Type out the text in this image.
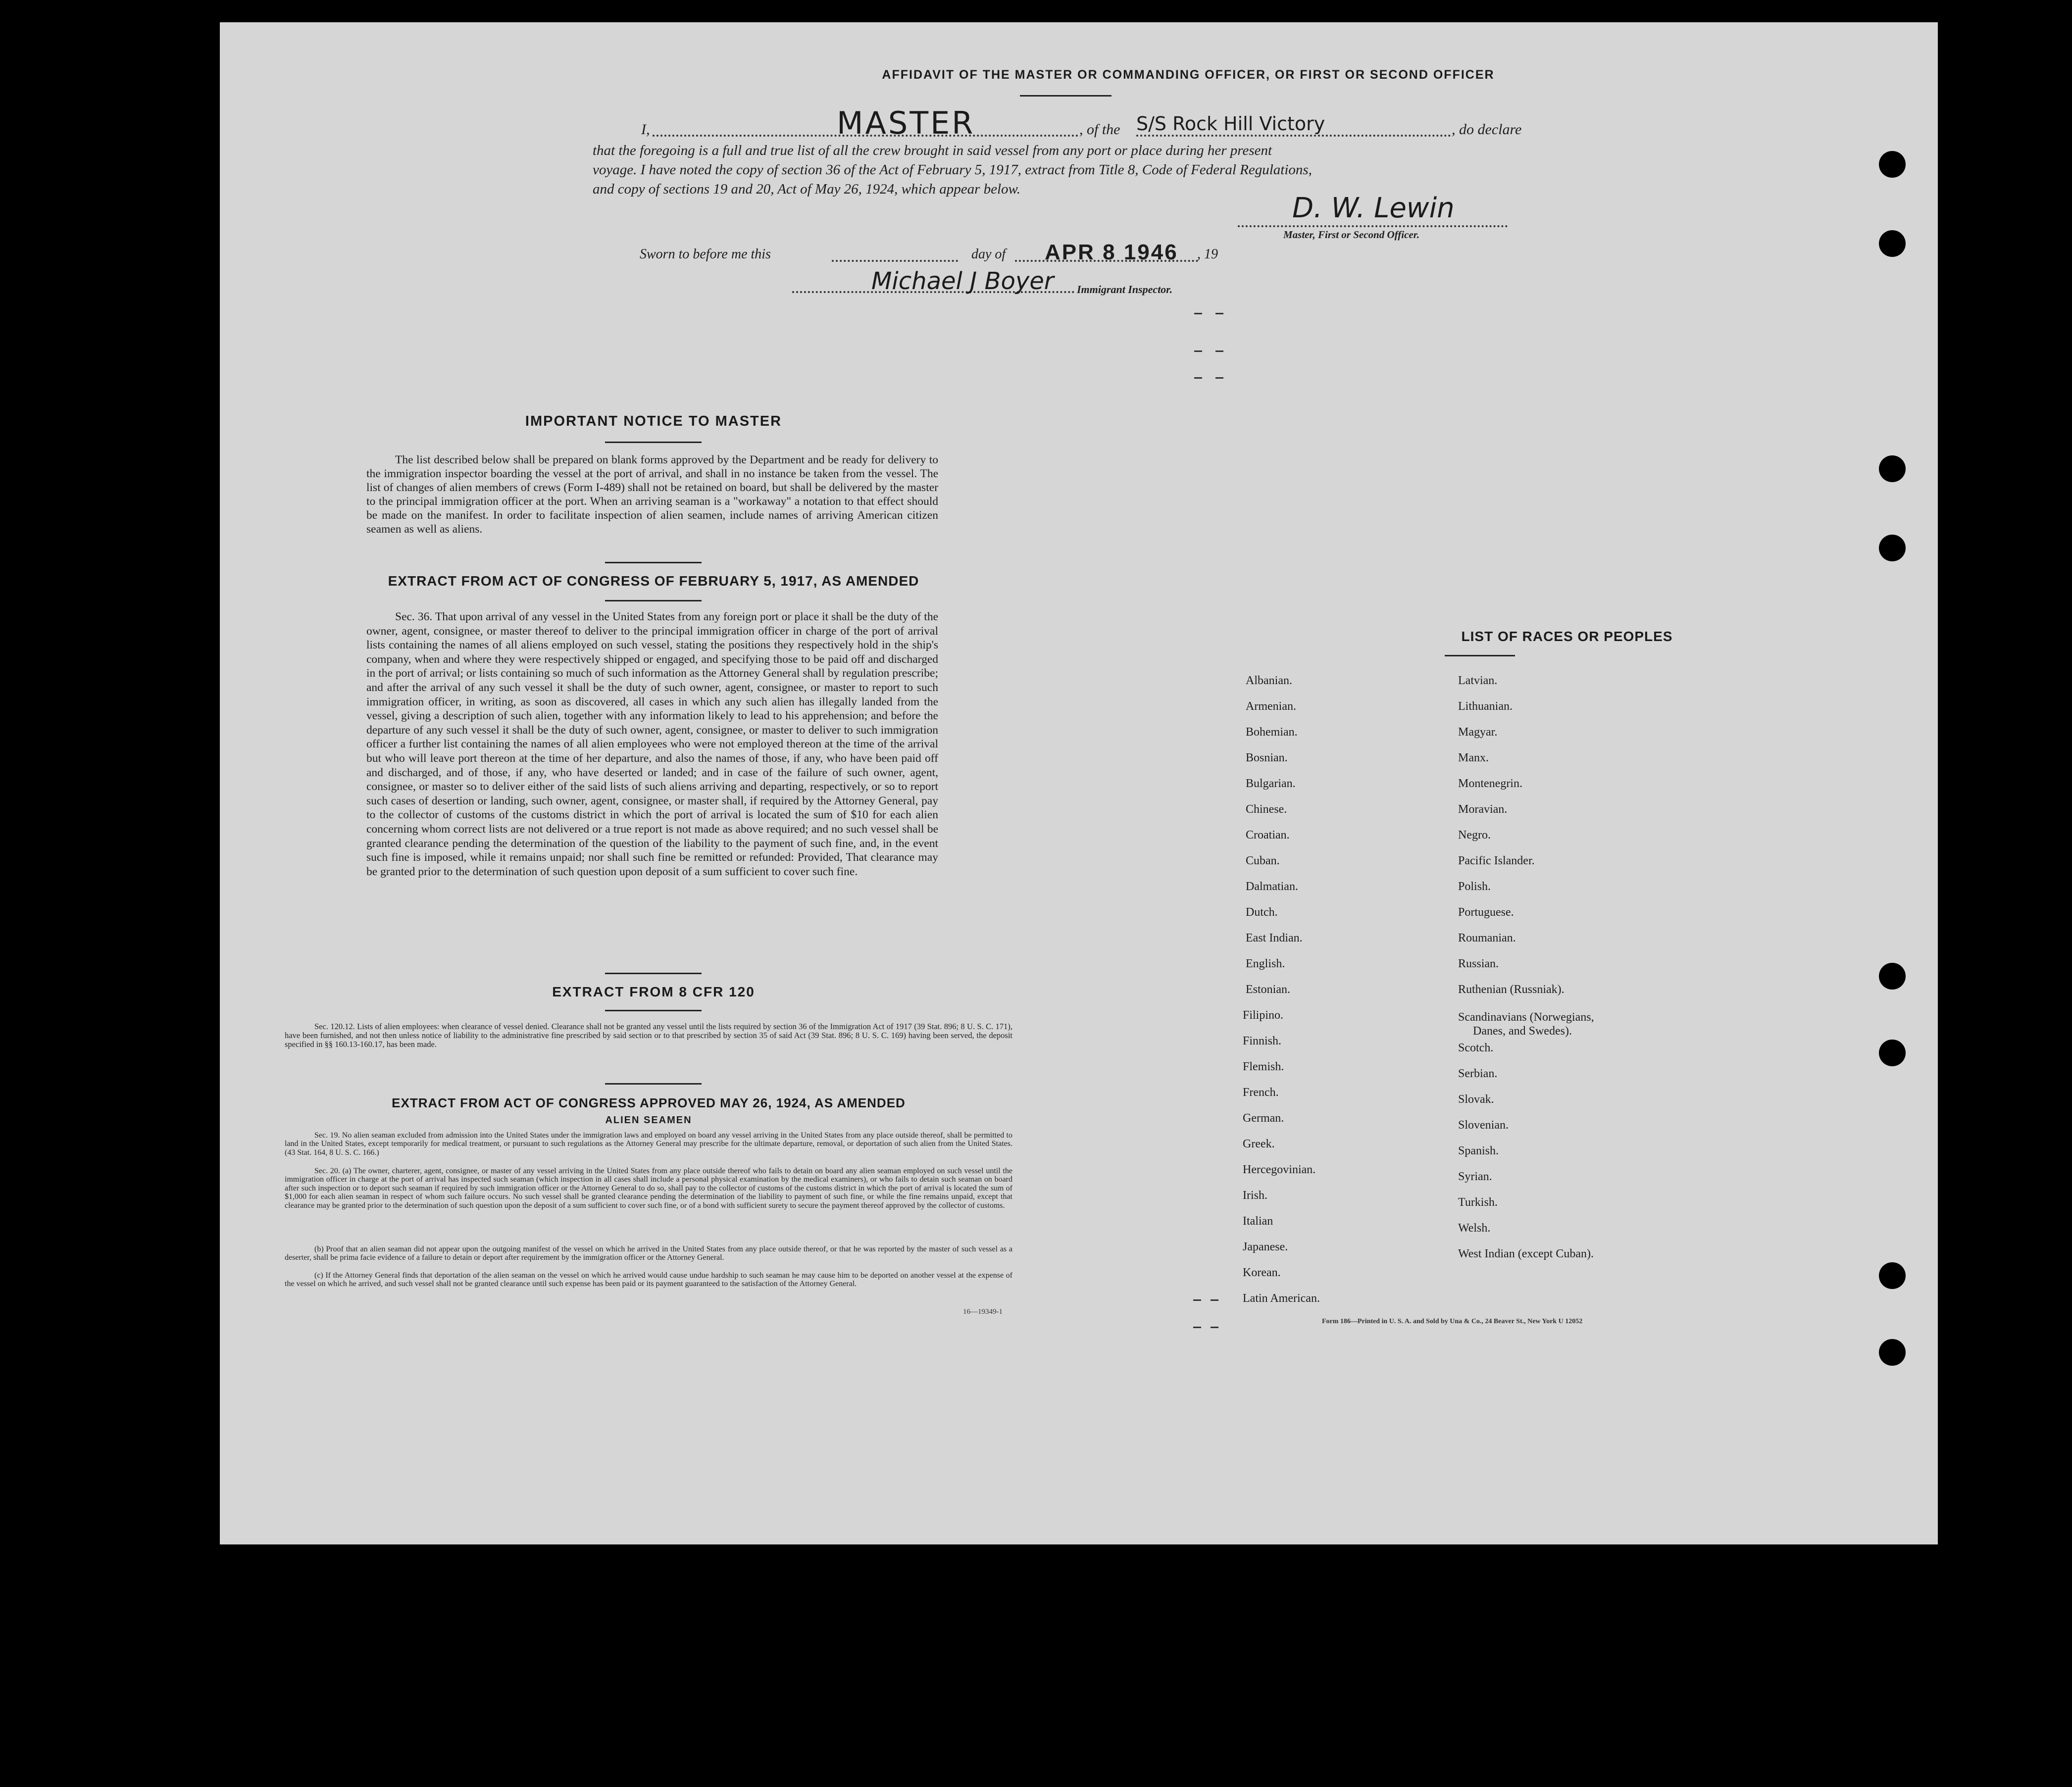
AFFIDAVIT OF THE MASTER OR COMMANDING OFFICER, OR FIRST OR SECOND OFFICER
I,	MASTER	, of the S/S Rock Hill Victory	, do declare
that the foregoing is a full and true list of all the crew brought in said vessel from any port or place during her present
voyage. I have noted the copy of section 36 of the Act of February 5, 1917, extract from Title 8, Code of Federal Regulations,
and copy of sections 19 and 20, Act of May 26, 1924, which appear below.
D. W. Lewin
Master, First or Second Officer.
Sworn to before me this	day of APR 8 1946 , 19
Michael J Boyer Immigrant Inspector.
IMPORTANT NOTICE TO MASTER
The list described below shall be prepared on blank forms approved by the Department and be ready for delivery to the immigration inspector boarding the vessel at the port of arrival, and shall in no instance be taken from the vessel. The list of changes of alien members of crews (Form I-489) shall not be retained on board, but shall be delivered by the master to the principal immigration officer at the port. When an arriving seaman is a "workaway" a notation to that effect should be made on the manifest. In order to facilitate inspection of alien seamen, include names of arriving American citizen seamen as well as aliens.
EXTRACT FROM ACT OF CONGRESS OF FEBRUARY 5, 1917, AS AMENDED
Sec. 36. That upon arrival of any vessel in the United States from any foreign port or place it shall be the duty of the owner, agent, consignee, or master thereof to deliver to the principal immigration officer in charge of the port of arrival lists containing the names of all aliens employed on such vessel, stating the positions they respectively hold in the ship's company, when and where they were respectively shipped or engaged, and specifying those to be paid off and discharged in the port of arrival; or lists containing so much of such information as the Attorney General shall by regulation prescribe; and after the arrival of any such vessel it shall be the duty of such owner, agent, consignee, or master to report to such immigration officer, in writing, as soon as discovered, all cases in which any such alien has illegally landed from the vessel, giving a description of such alien, together with any information likely to lead to his apprehension; and before the departure of any such vessel it shall be the duty of such owner, agent, consignee, or master to deliver to such immigration officer a further list containing the names of all alien employees who were not employed thereon at the time of the arrival but who will leave port thereon at the time of her departure, and also the names of those, if any, who have been paid off and discharged, and of those, if any, who have deserted or landed; and in case of the failure of such owner, agent, consignee, or master so to deliver either of the said lists of such aliens arriving and departing, respectively, or so to report such cases of desertion or landing, such owner, agent, consignee, or master shall, if required by the Attorney General, pay to the collector of customs of the customs district in which the port of arrival is located the sum of $10 for each alien concerning whom correct lists are not delivered or a true report is not made as above required; and no such vessel shall be granted clearance pending the determination of the question of the liability to the payment of such fine, and, in the event such fine is imposed, while it remains unpaid; nor shall such fine be remitted or refunded: Provided, That clearance may be granted prior to the determination of such question upon deposit of a sum sufficient to cover such fine.
EXTRACT FROM 8 CFR 120
Sec. 120.12. Lists of alien employees: when clearance of vessel denied. Clearance shall not be granted any vessel until the lists required by section 36 of the Immigration Act of 1917 (39 Stat. 896; 8 U. S. C. 171), have been furnished, and not then unless notice of liability to the administrative fine prescribed by said section or to that prescribed by section 35 of said Act (39 Stat. 896; 8 U. S. C. 169) having been served, the deposit specified in §§ 160.13-160.17, has been made.
EXTRACT FROM ACT OF CONGRESS APPROVED MAY 26, 1924, AS AMENDED
ALIEN SEAMEN
Sec. 19. No alien seaman excluded from admission into the United States under the immigration laws and employed on board any vessel arriving in the United States from any place outside thereof, shall be permitted to land in the United States, except temporarily for medical treatment, or pursuant to such regulations as the Attorney General may prescribe for the ultimate departure, removal, or deportation of such alien from the United States. (43 Stat. 164, 8 U. S. C. 166.)
Sec. 20. (a) The owner, charterer, agent, consignee, or master of any vessel arriving in the United States from any place outside thereof who fails to detain on board any alien seaman employed on such vessel until the immigration officer in charge at the port of arrival has inspected such seaman (which inspection in all cases shall include a personal physical examination by the medical examiners), or who fails to detain such seaman on board after such inspection or to deport such seaman if required by such immigration officer or the Attorney General to do so, shall pay to the collector of customs of the customs district in which the port of arrival is located the sum of $1,000 for each alien seaman in respect of whom such failure occurs. No such vessel shall be granted clearance pending the determination of the liability to payment of such fine, or while the fine remains unpaid, except that clearance may be granted prior to the determination of such question upon the deposit of a sum sufficient to cover such fine, or of a bond with sufficient surety to secure the payment thereof approved by the collector of customs.
(b) Proof that an alien seaman did not appear upon the outgoing manifest of the vessel on which he arrived in the United States from any place outside thereof, or that he was reported by the master of such vessel as a deserter, shall be prima facie evidence of a failure to detain or deport after requirement by the immigration officer or the Attorney General.
(c) If the Attorney General finds that deportation of the alien seaman on the vessel on which he arrived would cause undue hardship to such seaman he may cause him to be deported on another vessel at the expense of the vessel on which he arrived, and such vessel shall not be granted clearance until such expense has been paid or its payment guaranteed to the satisfaction of the Attorney General.
16—19349-1
LIST OF RACES OR PEOPLES
Albanian.
Armenian.
Bohemian.
Bosnian.
Bulgarian.
Chinese.
Croatian.
Cuban.
Dalmatian.
Dutch.
East Indian.
English.
Estonian.
Filipino.
Finnish.
Flemish.
French.
German.
Greek.
Hercegovinian.
Irish.
Italian
Japanese.
Korean.
Latin American.
Latvian.
Lithuanian.
Magyar.
Manx.
Montenegrin.
Moravian.
Negro.
Pacific Islander.
Polish.
Portuguese.
Roumanian.
Russian.
Ruthenian (Russniak).
Scandinavians (Norwegians,
Danes, and Swedes).
Scotch.
Serbian.
Slovak.
Slovenian.
Spanish.
Syrian.
Turkish.
Welsh.
West Indian (except Cuban).
Form 186—Printed in U. S. A. and Sold by Una & Co., 24 Beaver St., New York U 12052
